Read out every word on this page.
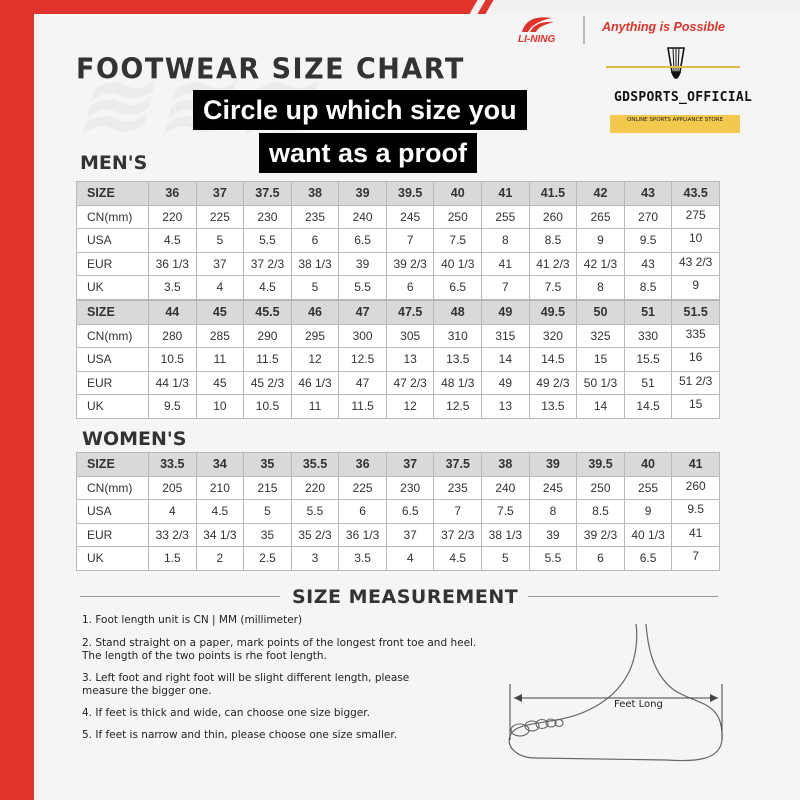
LI-NING
Anything is Possible
FOOTWEAR SIZE CHART
GDSPORTS_OFFICIAL
ONLINE SPORTS APPLIANCE STORE
Circle up which size you
want as a proof
MEN'S
SIZE	36	37	37.5	38	39	39.5	40	41	41.5	42	43	43.5
CN(mm)	220	225	230	235	240	245	250	255	260	265	270	275
USA	4.5	5	5.5	6	6.5	7	7.5	8	8.5	9	9.5	10
EUR	36 1/3	37	37 2/3	38 1/3	39	39 2/3	40 1/3	41	41 2/3	42 1/3	43	43 2/3
UK	3.5	4	4.5	5	5.5	6	6.5	7	7.5	8	8.5	9
SIZE	44	45	45.5	46	47	47.5	48	49	49.5	50	51	51.5
CN(mm)	280	285	290	295	300	305	310	315	320	325	330	335
USA	10.5	11	11.5	12	12.5	13	13.5	14	14.5	15	15.5	16
EUR	44 1/3	45	45 2/3	46 1/3	47	47 2/3	48 1/3	49	49 2/3	50 1/3	51	51 2/3
UK	9.5	10	10.5	11	11.5	12	12.5	13	13.5	14	14.5	15
WOMEN'S
SIZE	33.5	34	35	35.5	36	37	37.5	38	39	39.5	40	41
CN(mm)	205	210	215	220	225	230	235	240	245	250	255	260
USA	4	4.5	5	5.5	6	6.5	7	7.5	8	8.5	9	9.5
EUR	33 2/3	34 1/3	35	35 2/3	36 1/3	37	37 2/3	38 1/3	39	39 2/3	40 1/3	41
UK	1.5	2	2.5	3	3.5	4	4.5	5	5.5	6	6.5	7
SIZE MEASUREMENT
1. Foot length unit is CN | MM (millimeter)
2. Stand straight on a paper, mark points of the longest front toe and heel.
The length of the two points is rhe foot length.
3. Left foot and right foot will be slight different length, please
measure the bigger one.
4. If feet is thick and wide, can choose one size bigger.
5. If feet is narrow and thin, please choose one size smaller.
Feet Long
